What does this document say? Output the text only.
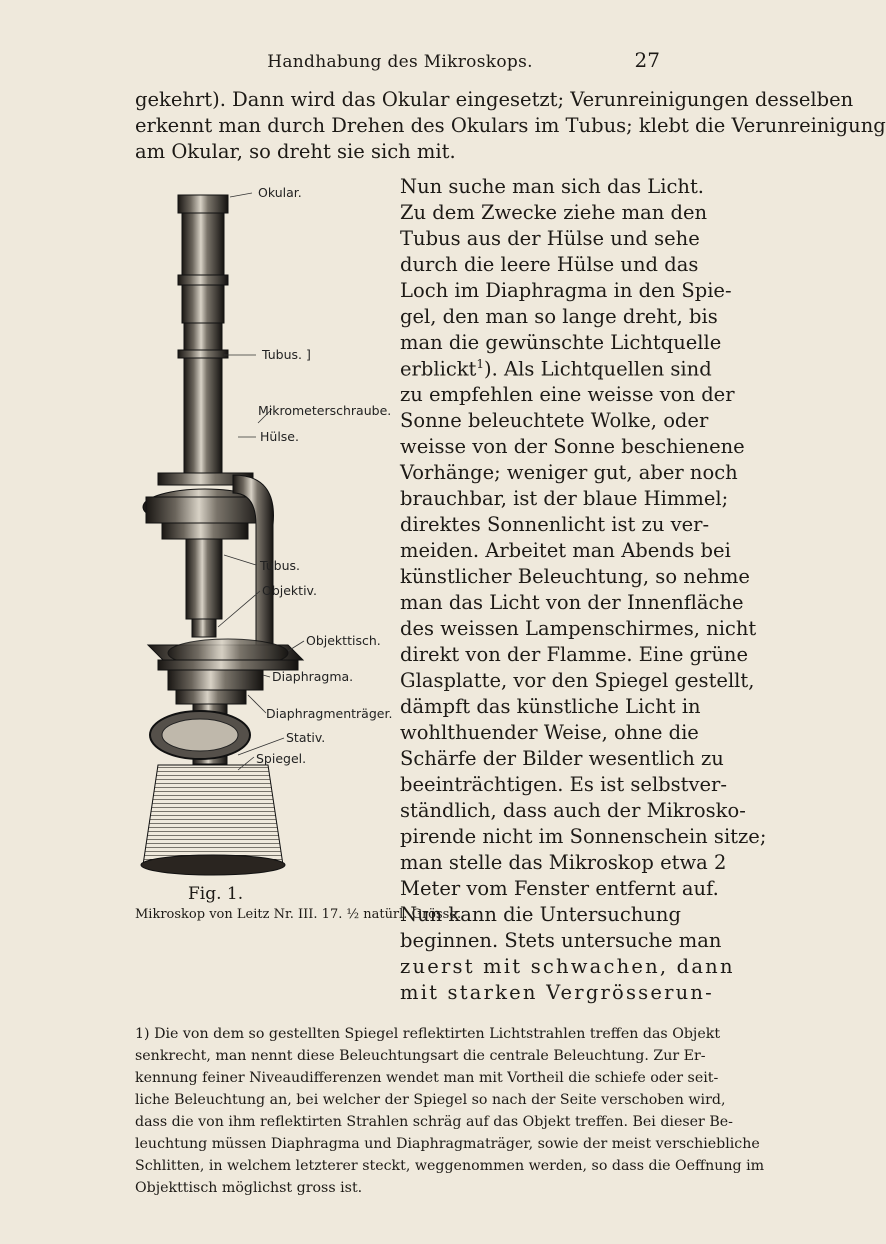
Handhabung des Mikroskops.	27
gekehrt). Dann wird das Okular eingesetzt; Verunreinigungen desselben
erkennt man durch Drehen des Okulars im Tubus; klebt die Verunreinigung
am Okular, so dreht sie sich mit.
Okular.
Tubus. ]
Mikrometerschraube.
Hülse.
Tubus.
Objektiv.
Objekttisch.
Diaphragma.
Diaphragmenträger.
Stativ.
Spiegel.
Fig. 1.
Mikroskop von Leitz Nr. III. 17. ½ natürl. Grösse.
Nun suche man sich das Licht.
Zu dem Zwecke ziehe man den
Tubus aus der Hülse und sehe
durch die leere Hülse und das
Loch im Diaphragma in den Spie-
gel, den man so lange dreht, bis
man die gewünschte Lichtquelle
erblickt$^1$). Als Lichtquellen sind
zu empfehlen eine weisse von der
Sonne beleuchtete Wolke, oder
weisse von der Sonne beschienene
Vorhänge; weniger gut, aber noch
brauchbar, ist der blaue Himmel;
direktes Sonnenlicht ist zu ver-
meiden. Arbeitet man Abends bei
künstlicher Beleuchtung, so nehme
man das Licht von der Innenfläche
des weissen Lampenschirmes, nicht
direkt von der Flamme. Eine grüne
Glasplatte, vor den Spiegel gestellt,
dämpft das künstliche Licht in
wohlthuender Weise, ohne die
Schärfe der Bilder wesentlich zu
beeinträchtigen. Es ist selbstver-
ständlich, dass auch der Mikrosko-
pirende nicht im Sonnenschein sitze;
man stelle das Mikroskop etwa 2
Meter vom Fenster entfernt auf.
Nun kann die Untersuchung
beginnen. Stets untersuche man
zuerst mit schwachen, dann
mit starken Vergrösserun-
1) Die von dem so gestellten Spiegel reflektirten Lichtstrahlen treffen das Objekt
senkrecht, man nennt diese Beleuchtungsart die centrale Beleuchtung. Zur Er-
kennung feiner Niveaudifferenzen wendet man mit Vortheil die schiefe oder seit-
liche Beleuchtung an, bei welcher der Spiegel so nach der Seite verschoben wird,
dass die von ihm reflektirten Strahlen schräg auf das Objekt treffen. Bei dieser Be-
leuchtung müssen Diaphragma und Diaphragmaträger, sowie der meist verschiebliche
Schlitten, in welchem letzterer steckt, weggenommen werden, so dass die Oeffnung im
Objekttisch möglichst gross ist.
